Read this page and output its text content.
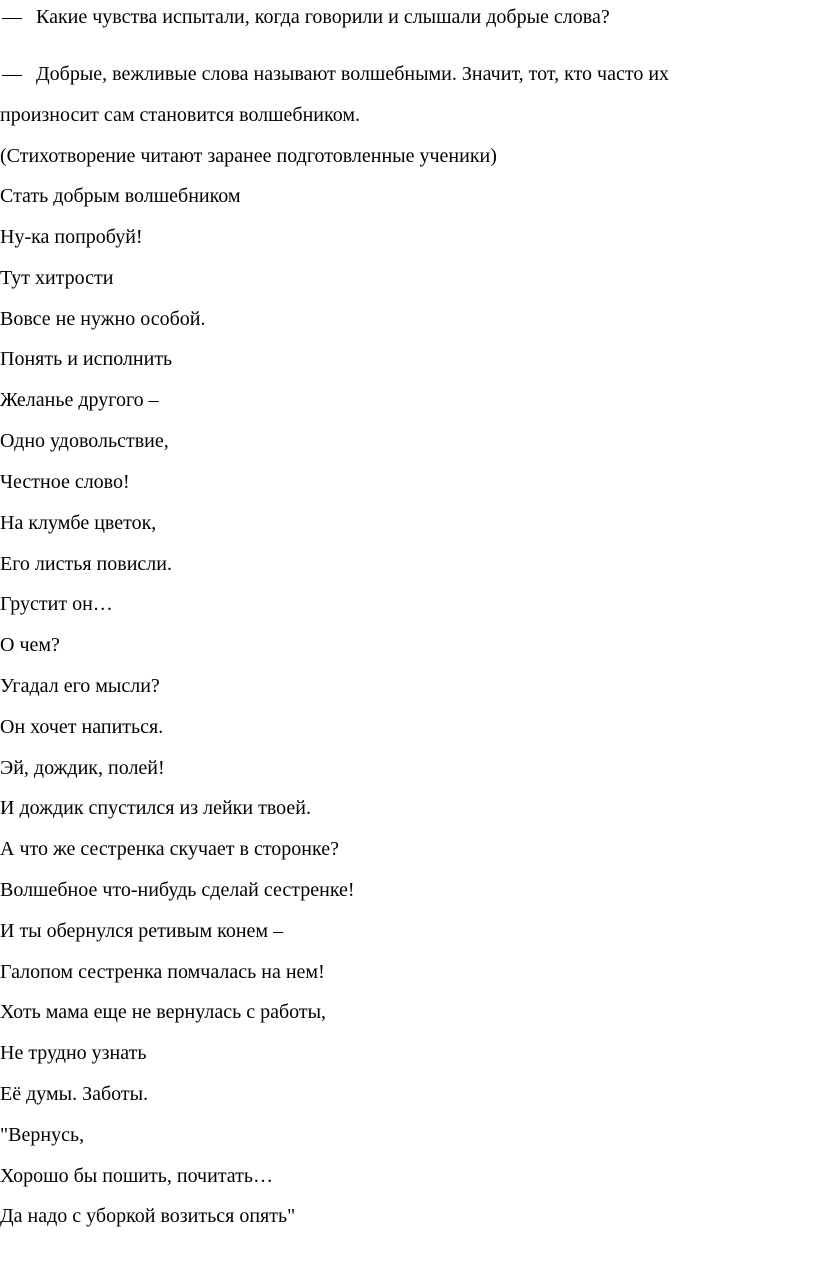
— Какие чувства испытали, когда говорили и слышали добрые слова?
— Добрые, вежливые слова называют волшебными. Значит, тот, кто часто их
произносит сам становится волшебником.
(Стихотворение читают заранее подготовленные ученики)
Стать добрым волшебником
Ну-ка попробуй!
Тут хитрости
Вовсе не нужно особой.
Понять и исполнить
Желанье другого –
Одно удовольствие,
Честное слово!
На клумбе цветок,
Его листья повисли.
Грустит он…
О чем?
Угадал его мысли?
Он хочет напиться.
Эй, дождик, полей!
И дождик спустился из лейки твоей.
А что же сестренка скучает в сторонке?
Волшебное что-нибудь сделай сестренке!
И ты обернулся ретивым конем –
Галопом сестренка помчалась на нем!
Хоть мама еще не вернулась с работы,
Не трудно узнать
Её думы. Заботы.
"Вернусь,
Хорошо бы пошить, почитать…
Да надо с уборкой возиться опять"
